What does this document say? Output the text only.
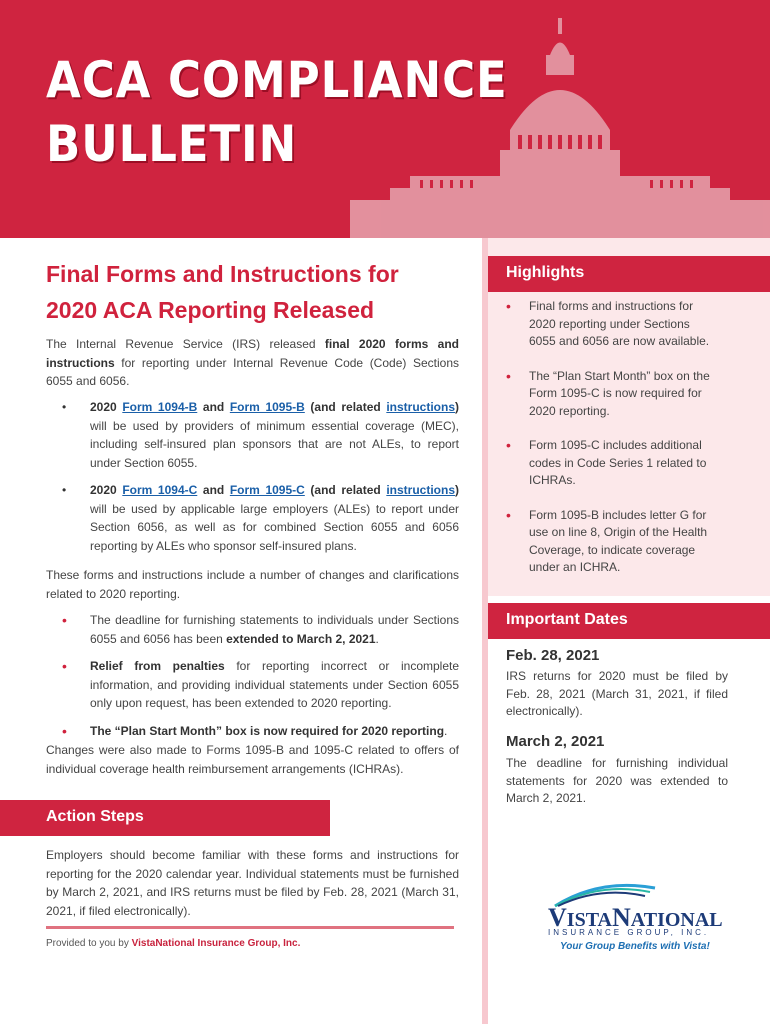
ACA COMPLIANCE
BULLETIN
Final Forms and Instructions for
2020 ACA Reporting Released

The Internal Revenue Service (IRS) released final 2020 forms and instructions for reporting under Internal Revenue Code (Code) Sections 6055 and 6056.

• 2020 Form 1094-B and Form 1095-B (and related instructions) will be used by providers of minimum essential coverage (MEC), including self-insured plan sponsors that are not ALEs, to report under Section 6055.
• 2020 Form 1094-C and Form 1095-C (and related instructions) will be used by applicable large employers (ALEs) to report under Section 6056, as well as for combined Section 6055 and 6056 reporting by ALEs who sponsor self-insured plans.

These forms and instructions include a number of changes and clarifications related to 2020 reporting.

• The deadline for furnishing statements to individuals under Sections 6055 and 6056 has been extended to March 2, 2021.
• Relief from penalties for reporting incorrect or incomplete information, and providing individual statements under Section 6055 only upon request, has been extended to 2020 reporting.
• The “Plan Start Month” box is now required for 2020 reporting.

Changes were also made to Forms 1095-B and 1095-C related to offers of individual coverage health reimbursement arrangements (ICHRAs).

Action Steps

Employers should become familiar with these forms and instructions for reporting for the 2020 calendar year. Individual statements must be furnished by March 2, 2021, and IRS returns must be filed by Feb. 28, 2021 (March 31, 2021, if filed electronically).

Provided to you by VistaNational Insurance Group, Inc.
Highlights
• Final forms and instructions for 2020 reporting under Sections 6055 and 6056 are now available.
• The “Plan Start Month” box on the Form 1095-C is now required for 2020 reporting.
• Form 1095-C includes additional codes in Code Series 1 related to ICHRAs.
• Form 1095-B includes letter G for use on line 8, Origin of the Health Coverage, to indicate coverage under an ICHRA.
Important Dates
Feb. 28, 2021

IRS returns for 2020 must be filed by Feb. 28, 2021 (March 31, 2021, if filed electronically).

March 2, 2021

The deadline for furnishing individual statements for 2020 was extended to March 2, 2021.

VISTANATIONAL
INSURANCE GROUP, INC.
Your Group Benefits with Vista!
